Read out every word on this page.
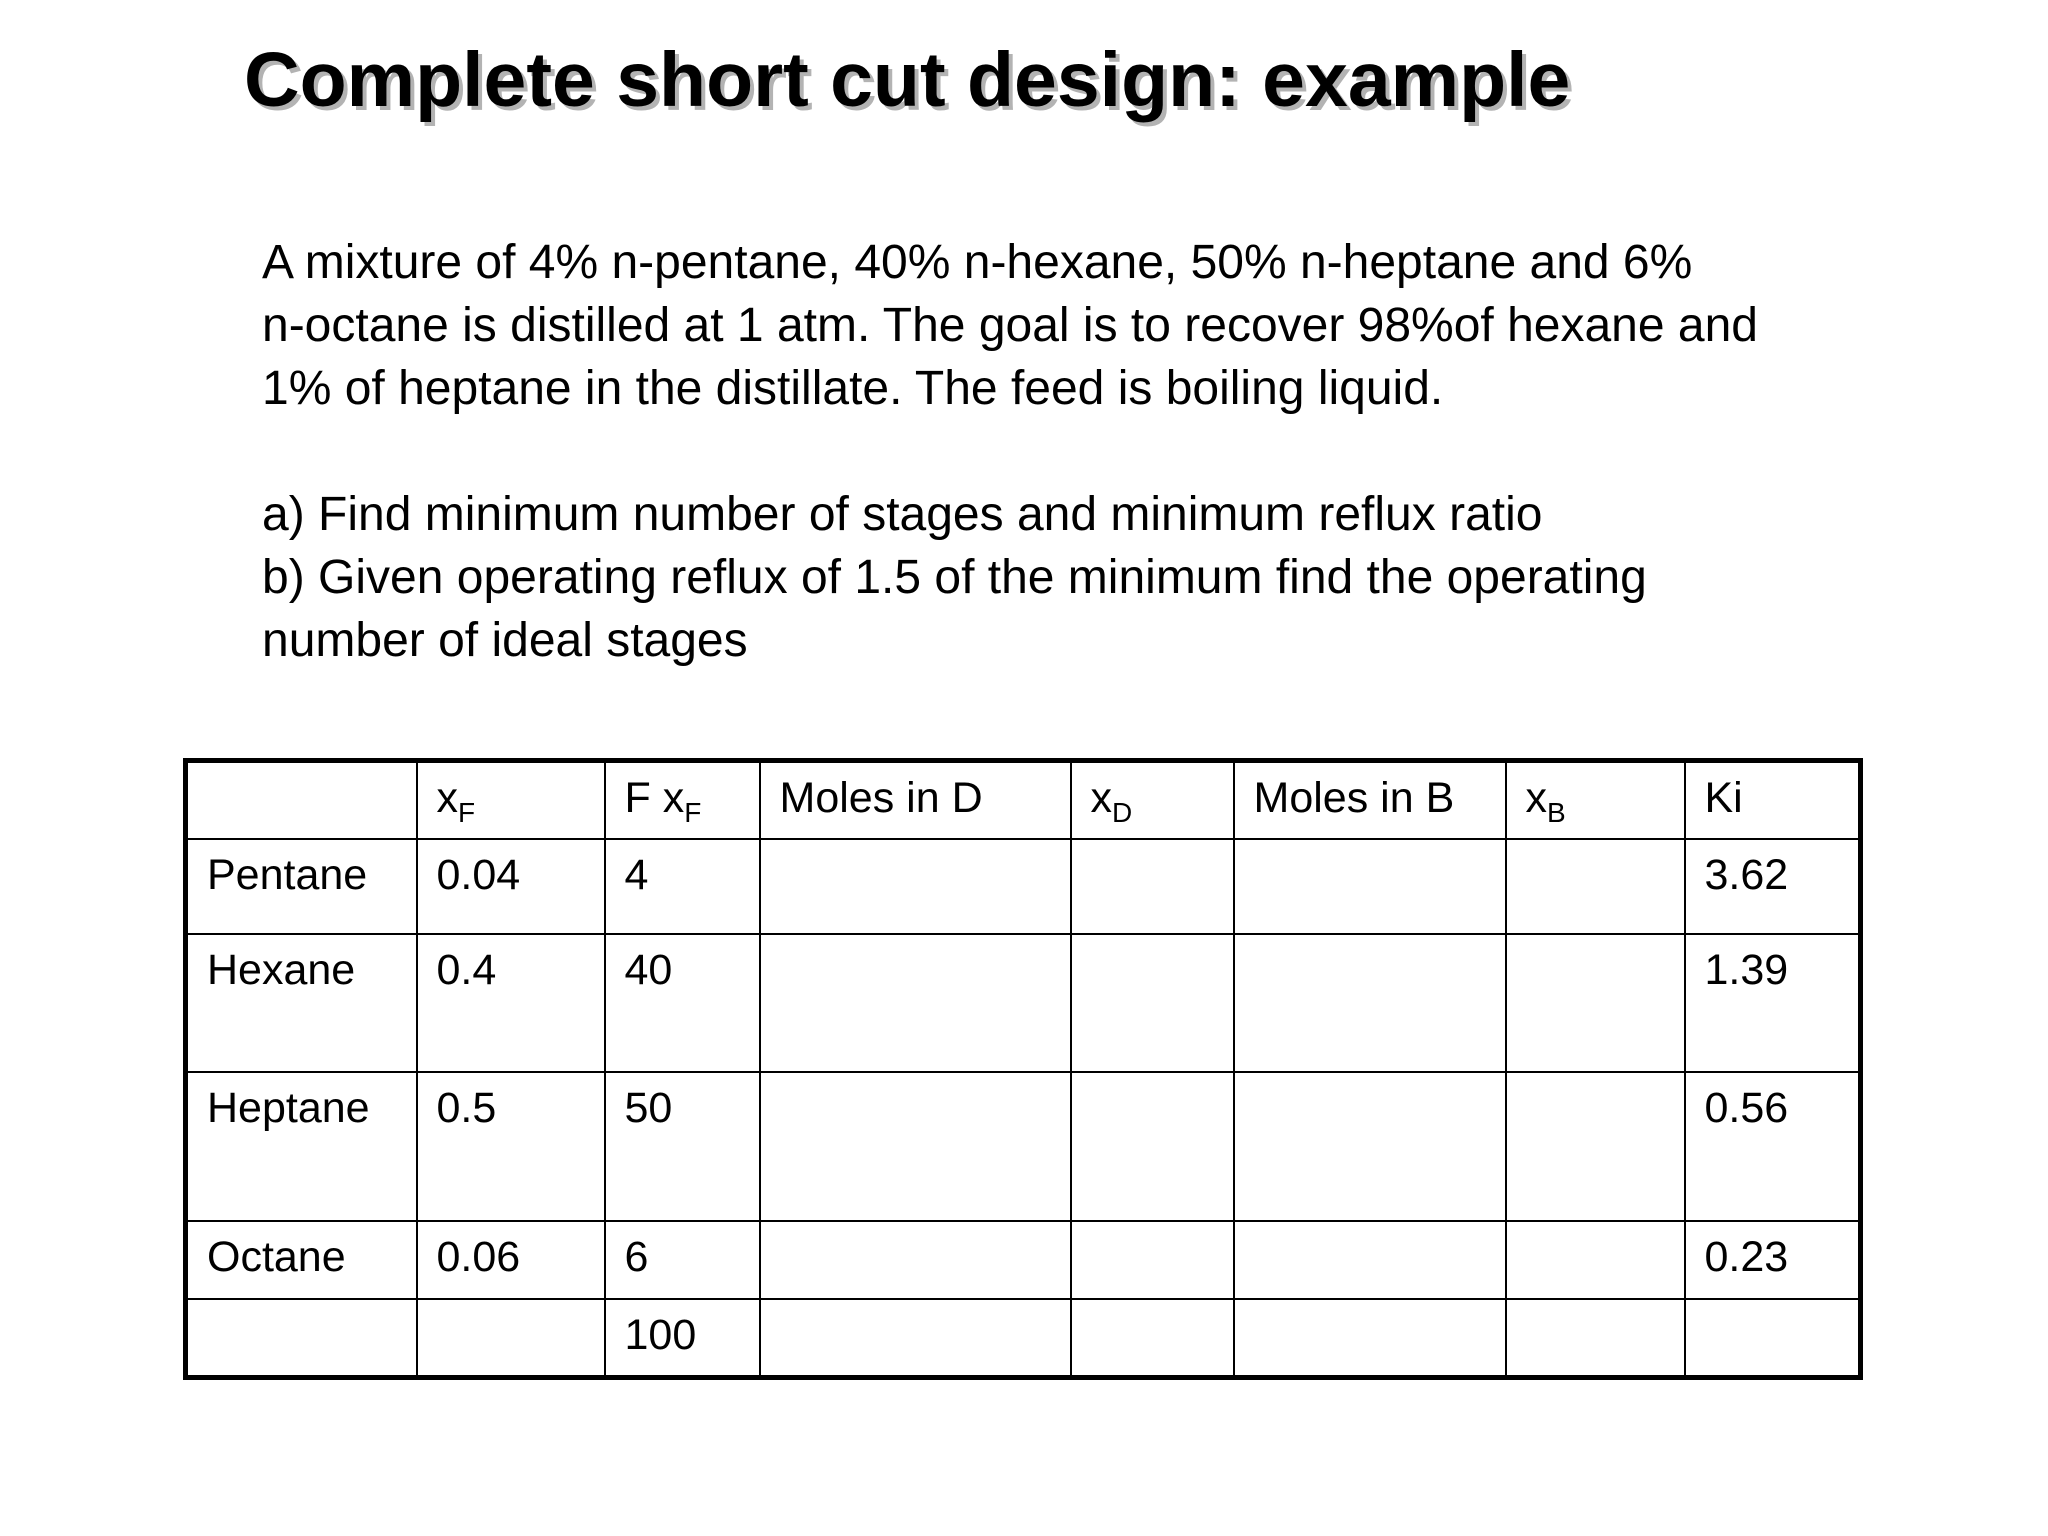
Complete short cut design: example
A mixture of 4% n-pentane, 40% n-hexane, 50% n-heptane and 6%
n-octane is distilled at 1 atm. The goal is to recover 98%of hexane and
1% of heptane in the distillate. The feed is boiling liquid.
a) Find minimum number of stages and minimum reflux ratio
b) Given operating reflux of 1.5 of the minimum find the operating
number of ideal stages
	$x_F$	F $x_F$	Moles in D	$x_D$	Moles in B	$x_B$	Ki
Pentane	0.04	4					3.62
Hexane	0.4	40					1.39
Heptane	0.5	50					0.56
Octane	0.06	6					0.23
		100					
